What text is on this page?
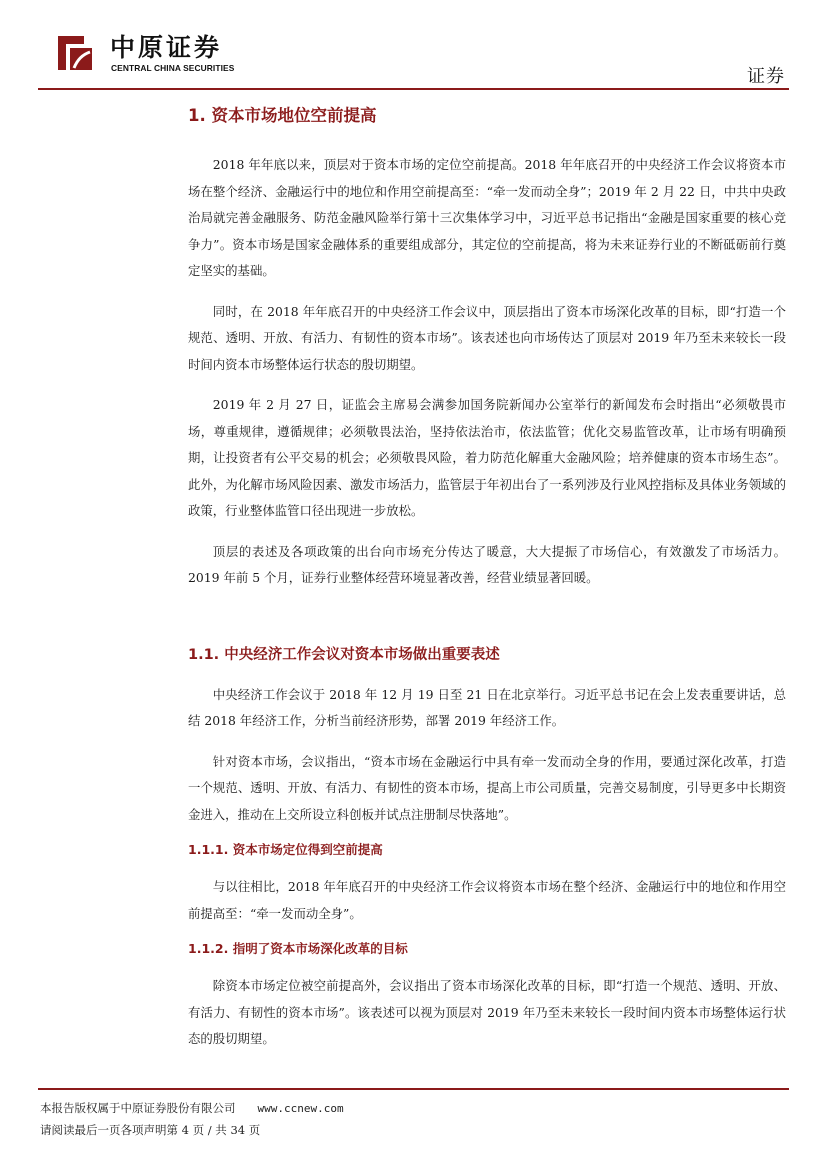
中原证券
CENTRAL CHINA SECURITIES	证券
1. 资本市场地位空前提高

2018 年年底以来，顶层对于资本市场的定位空前提高。2018 年年底召开的中央经济工作会议将资本市场在整个经济、金融运行中的地位和作用空前提高至：“牵一发而动全身”；2019 年 2 月 22 日，中共中央政治局就完善金融服务、防范金融风险举行第十三次集体学习中，习近平总书记指出“金融是国家重要的核心竞争力”。资本市场是国家金融体系的重要组成部分，其定位的空前提高，将为未来证券行业的不断砥砺前行奠定坚实的基础。

同时，在 2018 年年底召开的中央经济工作会议中，顶层指出了资本市场深化改革的目标，即“打造一个规范、透明、开放、有活力、有韧性的资本市场”。该表述也向市场传达了顶层对 2019 年乃至未来较长一段时间内资本市场整体运行状态的殷切期望。

2019 年 2 月 27 日，证监会主席易会满参加国务院新闻办公室举行的新闻发布会时指出“必须敬畏市场，尊重规律，遵循规律；必须敬畏法治，坚持依法治市，依法监管；优化交易监管改革，让市场有明确预期，让投资者有公平交易的机会；必须敬畏风险，着力防范化解重大金融风险；培养健康的资本市场生态”。此外，为化解市场风险因素、激发市场活力，监管层于年初出台了一系列涉及行业风控指标及具体业务领域的政策，行业整体监管口径出现进一步放松。

顶层的表述及各项政策的出台向市场充分传达了暖意，大大提振了市场信心，有效激发了市场活力。2019 年前 5 个月，证券行业整体经营环境显著改善，经营业绩显著回暖。

1.1. 中央经济工作会议对资本市场做出重要表述

中央经济工作会议于 2018 年 12 月 19 日至 21 日在北京举行。习近平总书记在会上发表重要讲话，总结 2018 年经济工作，分析当前经济形势，部署 2019 年经济工作。

针对资本市场，会议指出，“资本市场在金融运行中具有牵一发而动全身的作用，要通过深化改革，打造一个规范、透明、开放、有活力、有韧性的资本市场，提高上市公司质量，完善交易制度，引导更多中长期资金进入，推动在上交所设立科创板并试点注册制尽快落地”。

1.1.1. 资本市场定位得到空前提高

与以往相比，2018 年年底召开的中央经济工作会议将资本市场在整个经济、金融运行中的地位和作用空前提高至：“牵一发而动全身”。

1.1.2. 指明了资本市场深化改革的目标

除资本市场定位被空前提高外，会议指出了资本市场深化改革的目标，即“打造一个规范、透明、开放、有活力、有韧性的资本市场”。该表述可以视为顶层对 2019 年乃至未来较长一段时间内资本市场整体运行状态的殷切期望。

本报告版权属于中原证券股份有限公司 www.ccnew.com
请阅读最后一页各项声明第 4 页 / 共 34 页
